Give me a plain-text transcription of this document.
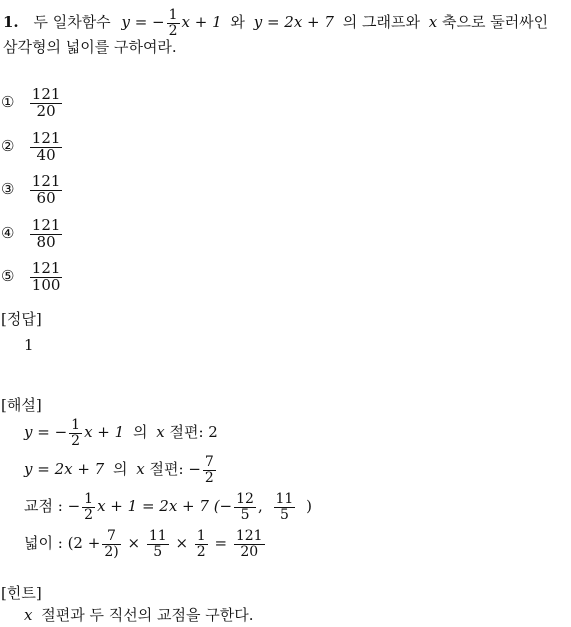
1. 두 일차함수 y = − $\frac{1}{2}$ x + 1 와 y = 2x + 7 의 그래프와 x 축으로 둘러싸인
삼각형의 넓이를 구하여라.
① $\frac{121}{20}$
② $\frac{121}{40}$
③ $\frac{121}{60}$
④ $\frac{121}{80}$
⑤ $\frac{121}{100}$
[정답]
1
[해설]
y = − $\frac{1}{2}$ x + 1 의 x 절편: 2
y = 2x + 7 의 x 절편: − $\frac{7}{2}$
교점 : − $\frac{1}{2}$ x + 1 = 2x + 7 (− $\frac{12}{5}$ , $\frac{11}{5}$ )
넓이 : ($2 + \frac{7}{2)} \times \frac{11}{5} \times \frac{1}{2} = \frac{121}{20}$
[힌트]
x 절편과 두 직선의 교점을 구한다.
